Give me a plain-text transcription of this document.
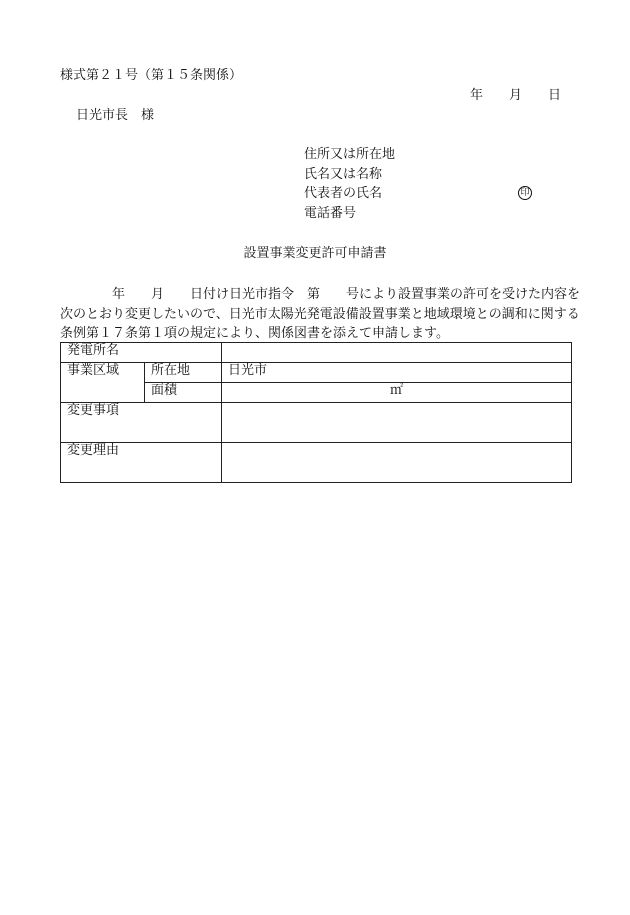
様式第２１号（第１５条関係）
年 月 日
日光市長　様
住所又は所在地
氏名又は名称
代表者の氏名
電話番号
印
設置事業変更許可申請書
　　　　年　　月　　日付け日光市指令　第　　号により設置事業の許可を受けた内容を
次のとおり変更したいので、日光市太陽光発電設備設置事業と地域環境との調和に関する
条例第１７条第１項の規定により、関係図書を添えて申請します。
発電所名		
事業区域	所在地	日光市
	面積	㎡
変更事項		
変更理由		
